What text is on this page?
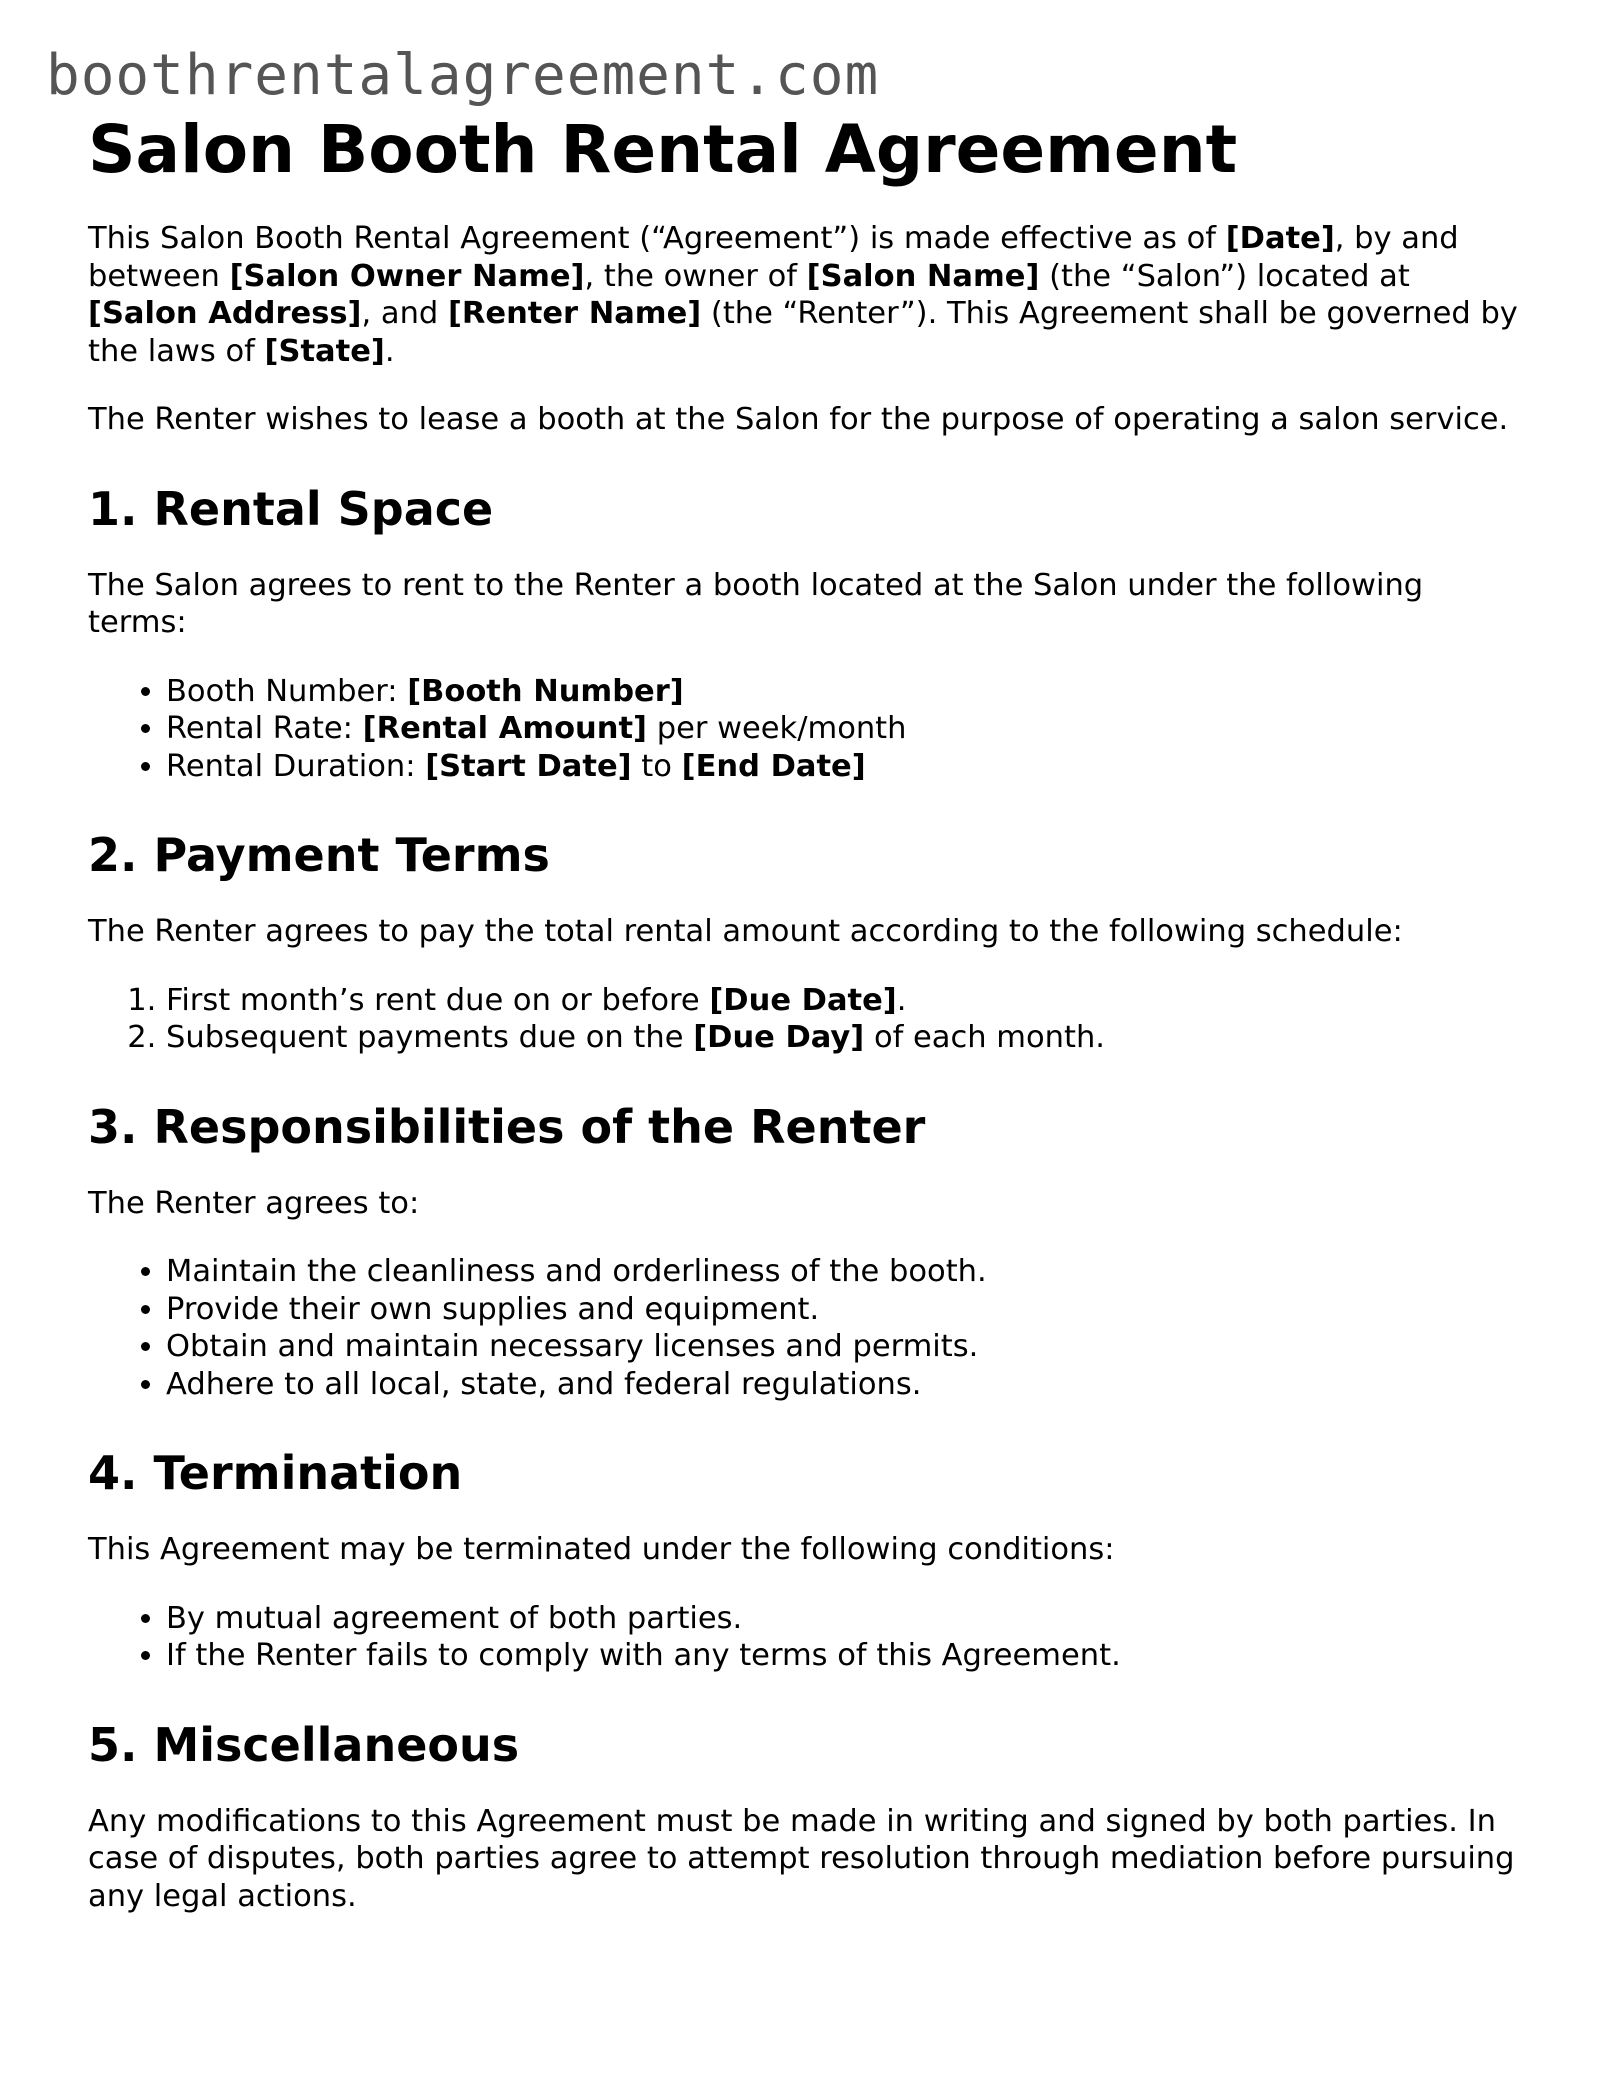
boothrentalagreement.com
Salon Booth Rental Agreement

This Salon Booth Rental Agreement (“Agreement”) is made effective as of [Date], by and between [Salon Owner Name], the owner of [Salon Name] (the “Salon”) located at [Salon Address], and [Renter Name] (the “Renter”). This Agreement shall be governed by the laws of [State].

The Renter wishes to lease a booth at the Salon for the purpose of operating a salon service.

1. Rental Space

The Salon agrees to rent to the Renter a booth located at the Salon under the following terms:

• Booth Number: [Booth Number]
• Rental Rate: [Rental Amount] per week/month
• Rental Duration: [Start Date] to [End Date]
2. Payment Terms

The Renter agrees to pay the total rental amount according to the following schedule:

1. First month’s rent due on or before [Due Date].
2. Subsequent payments due on the [Due Day] of each month.
3. Responsibilities of the Renter

The Renter agrees to:

• Maintain the cleanliness and orderliness of the booth.
• Provide their own supplies and equipment.
• Obtain and maintain necessary licenses and permits.
• Adhere to all local, state, and federal regulations.
4. Termination

This Agreement may be terminated under the following conditions:

• By mutual agreement of both parties.
• If the Renter fails to comply with any terms of this Agreement.
5. Miscellaneous

Any modifications to this Agreement must be made in writing and signed by both parties. In case of disputes, both parties agree to attempt resolution through mediation before pursuing any legal actions.
